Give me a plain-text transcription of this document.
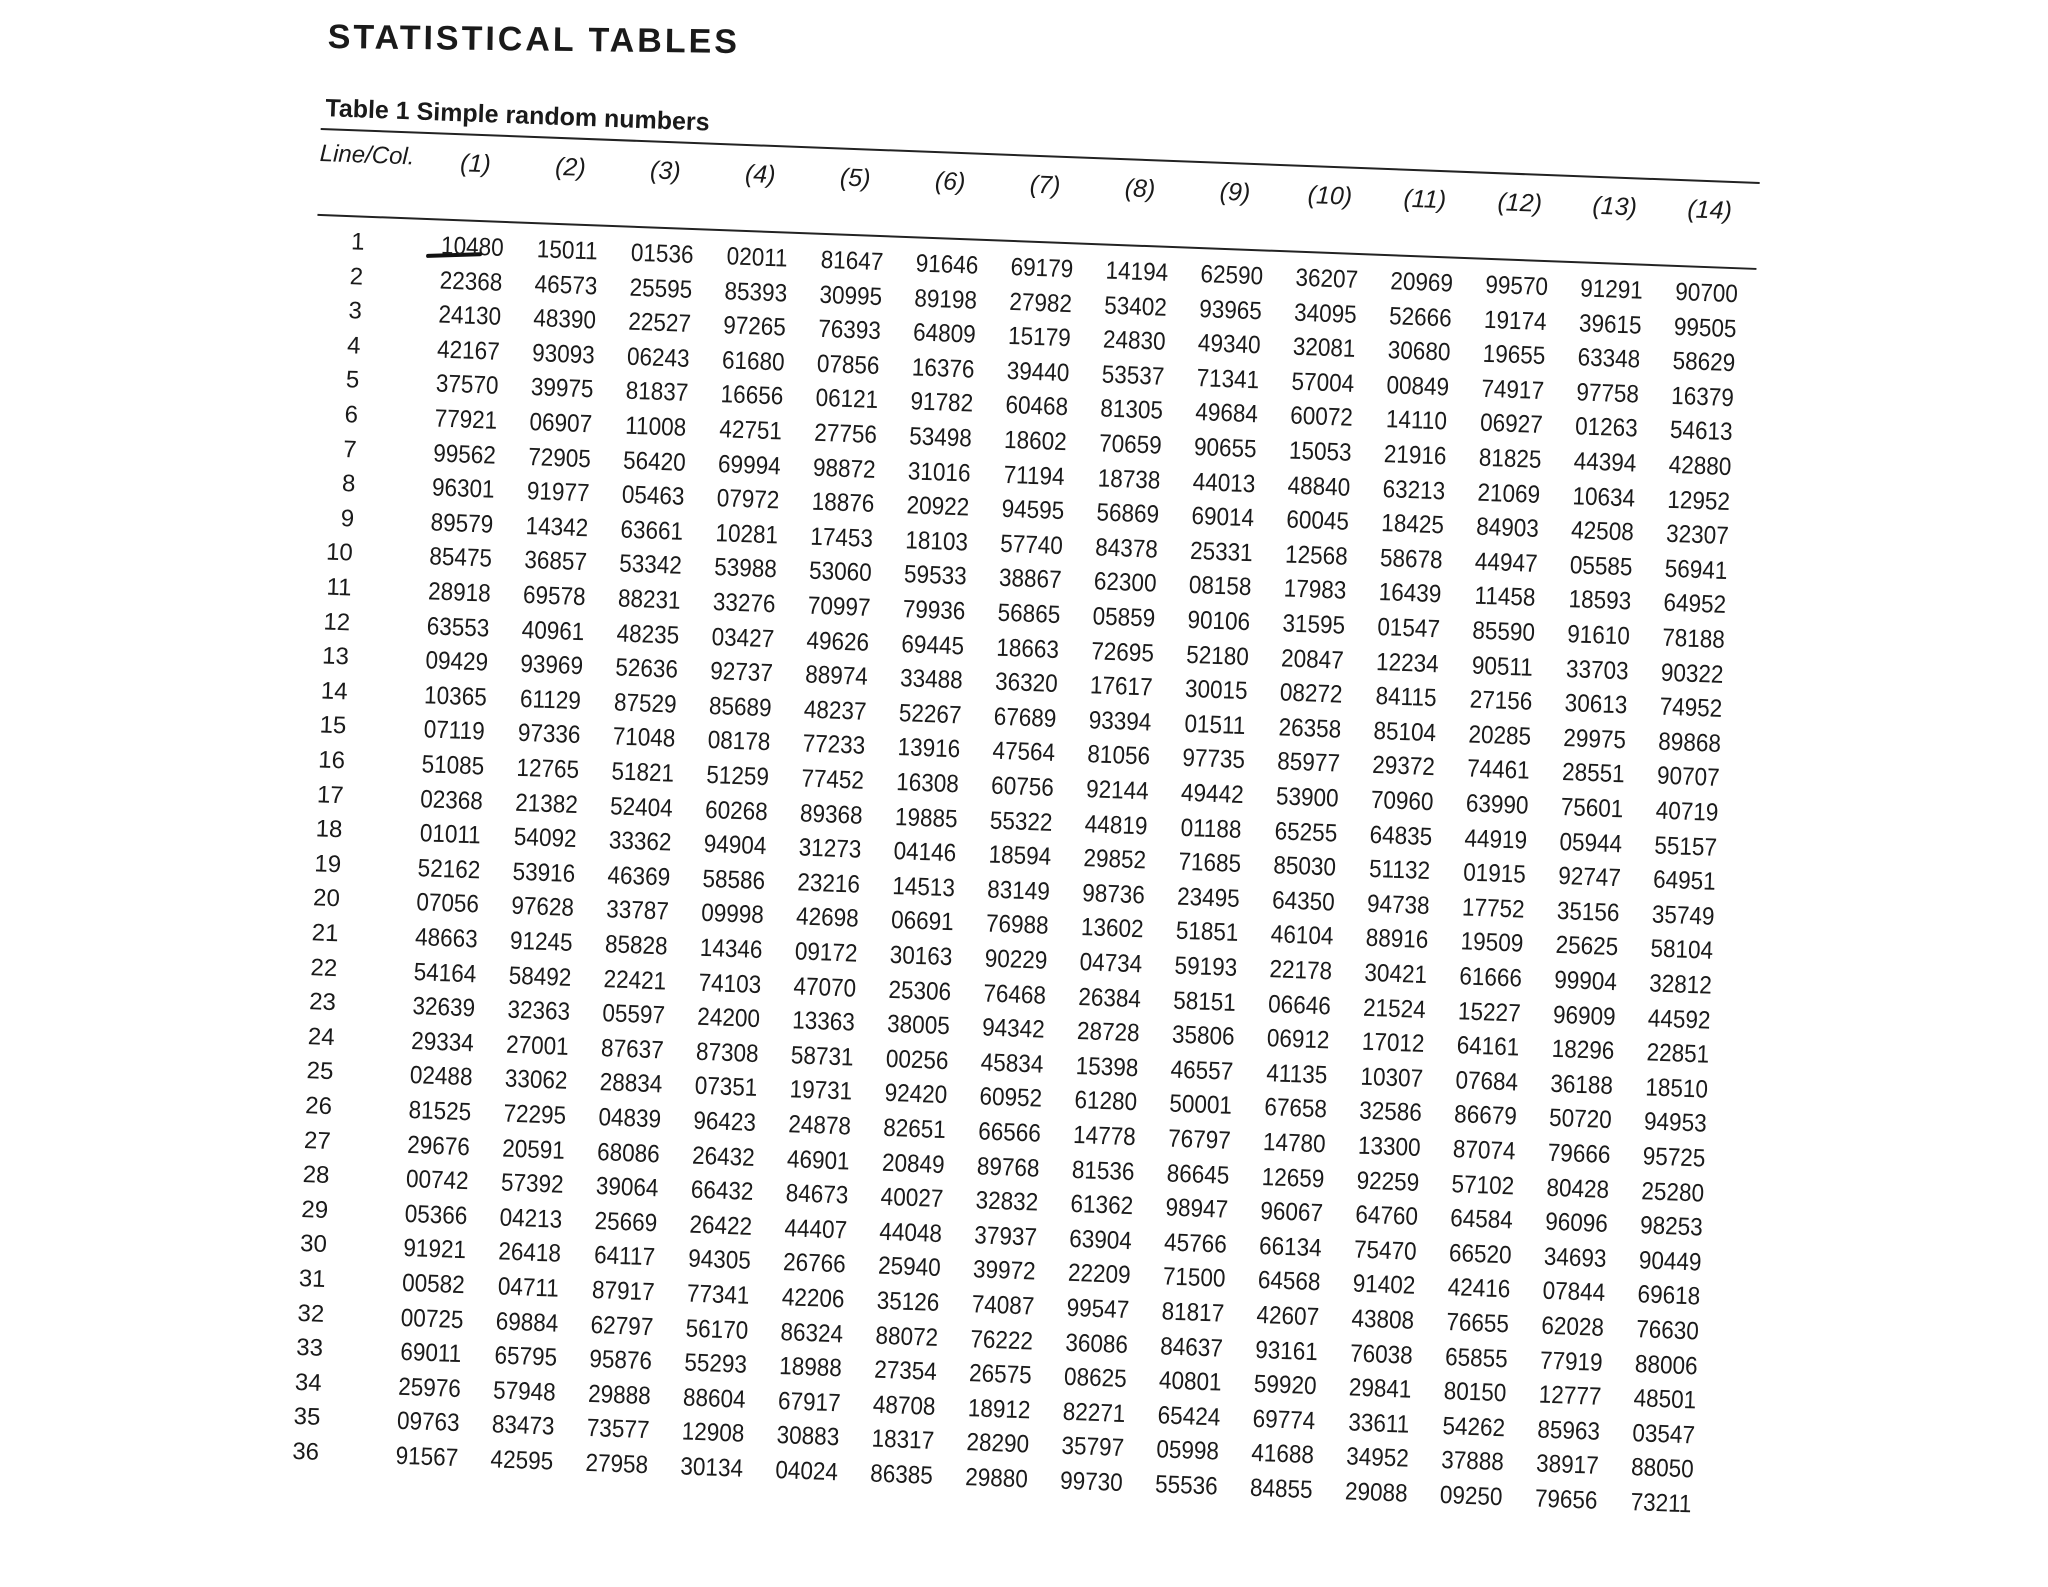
STATISTICAL TABLES
Table 1 Simple random numbers
Line/Col.	(1)	(2)	(3)	(4)	(5)	(6)	(7)	(8)	(9)	(10)	(11)	(12)	(13)	(14)
1	10480	15011	01536	02011	81647	91646	69179	14194	62590	36207	20969	99570	91291	90700
2	22368	46573	25595	85393	30995	89198	27982	53402	93965	34095	52666	19174	39615	99505
3	24130	48390	22527	97265	76393	64809	15179	24830	49340	32081	30680	19655	63348	58629
4	42167	93093	06243	61680	07856	16376	39440	53537	71341	57004	00849	74917	97758	16379
5	37570	39975	81837	16656	06121	91782	60468	81305	49684	60072	14110	06927	01263	54613
6	77921	06907	11008	42751	27756	53498	18602	70659	90655	15053	21916	81825	44394	42880
7	99562	72905	56420	69994	98872	31016	71194	18738	44013	48840	63213	21069	10634	12952
8	96301	91977	05463	07972	18876	20922	94595	56869	69014	60045	18425	84903	42508	32307
9	89579	14342	63661	10281	17453	18103	57740	84378	25331	12568	58678	44947	05585	56941
10	85475	36857	53342	53988	53060	59533	38867	62300	08158	17983	16439	11458	18593	64952
11	28918	69578	88231	33276	70997	79936	56865	05859	90106	31595	01547	85590	91610	78188
12	63553	40961	48235	03427	49626	69445	18663	72695	52180	20847	12234	90511	33703	90322
13	09429	93969	52636	92737	88974	33488	36320	17617	30015	08272	84115	27156	30613	74952
14	10365	61129	87529	85689	48237	52267	67689	93394	01511	26358	85104	20285	29975	89868
15	07119	97336	71048	08178	77233	13916	47564	81056	97735	85977	29372	74461	28551	90707
16	51085	12765	51821	51259	77452	16308	60756	92144	49442	53900	70960	63990	75601	40719
17	02368	21382	52404	60268	89368	19885	55322	44819	01188	65255	64835	44919	05944	55157
18	01011	54092	33362	94904	31273	04146	18594	29852	71685	85030	51132	01915	92747	64951
19	52162	53916	46369	58586	23216	14513	83149	98736	23495	64350	94738	17752	35156	35749
20	07056	97628	33787	09998	42698	06691	76988	13602	51851	46104	88916	19509	25625	58104
21	48663	91245	85828	14346	09172	30163	90229	04734	59193	22178	30421	61666	99904	32812
22	54164	58492	22421	74103	47070	25306	76468	26384	58151	06646	21524	15227	96909	44592
23	32639	32363	05597	24200	13363	38005	94342	28728	35806	06912	17012	64161	18296	22851
24	29334	27001	87637	87308	58731	00256	45834	15398	46557	41135	10307	07684	36188	18510
25	02488	33062	28834	07351	19731	92420	60952	61280	50001	67658	32586	86679	50720	94953
26	81525	72295	04839	96423	24878	82651	66566	14778	76797	14780	13300	87074	79666	95725
27	29676	20591	68086	26432	46901	20849	89768	81536	86645	12659	92259	57102	80428	25280
28	00742	57392	39064	66432	84673	40027	32832	61362	98947	96067	64760	64584	96096	98253
29	05366	04213	25669	26422	44407	44048	37937	63904	45766	66134	75470	66520	34693	90449
30	91921	26418	64117	94305	26766	25940	39972	22209	71500	64568	91402	42416	07844	69618
31	00582	04711	87917	77341	42206	35126	74087	99547	81817	42607	43808	76655	62028	76630
32	00725	69884	62797	56170	86324	88072	76222	36086	84637	93161	76038	65855	77919	88006
33	69011	65795	95876	55293	18988	27354	26575	08625	40801	59920	29841	80150	12777	48501
34	25976	57948	29888	88604	67917	48708	18912	82271	65424	69774	33611	54262	85963	03547
35	09763	83473	73577	12908	30883	18317	28290	35797	05998	41688	34952	37888	38917	88050
36	91567	42595	27958	30134	04024	86385	29880	99730	55536	84855	29088	09250	79656	73211
